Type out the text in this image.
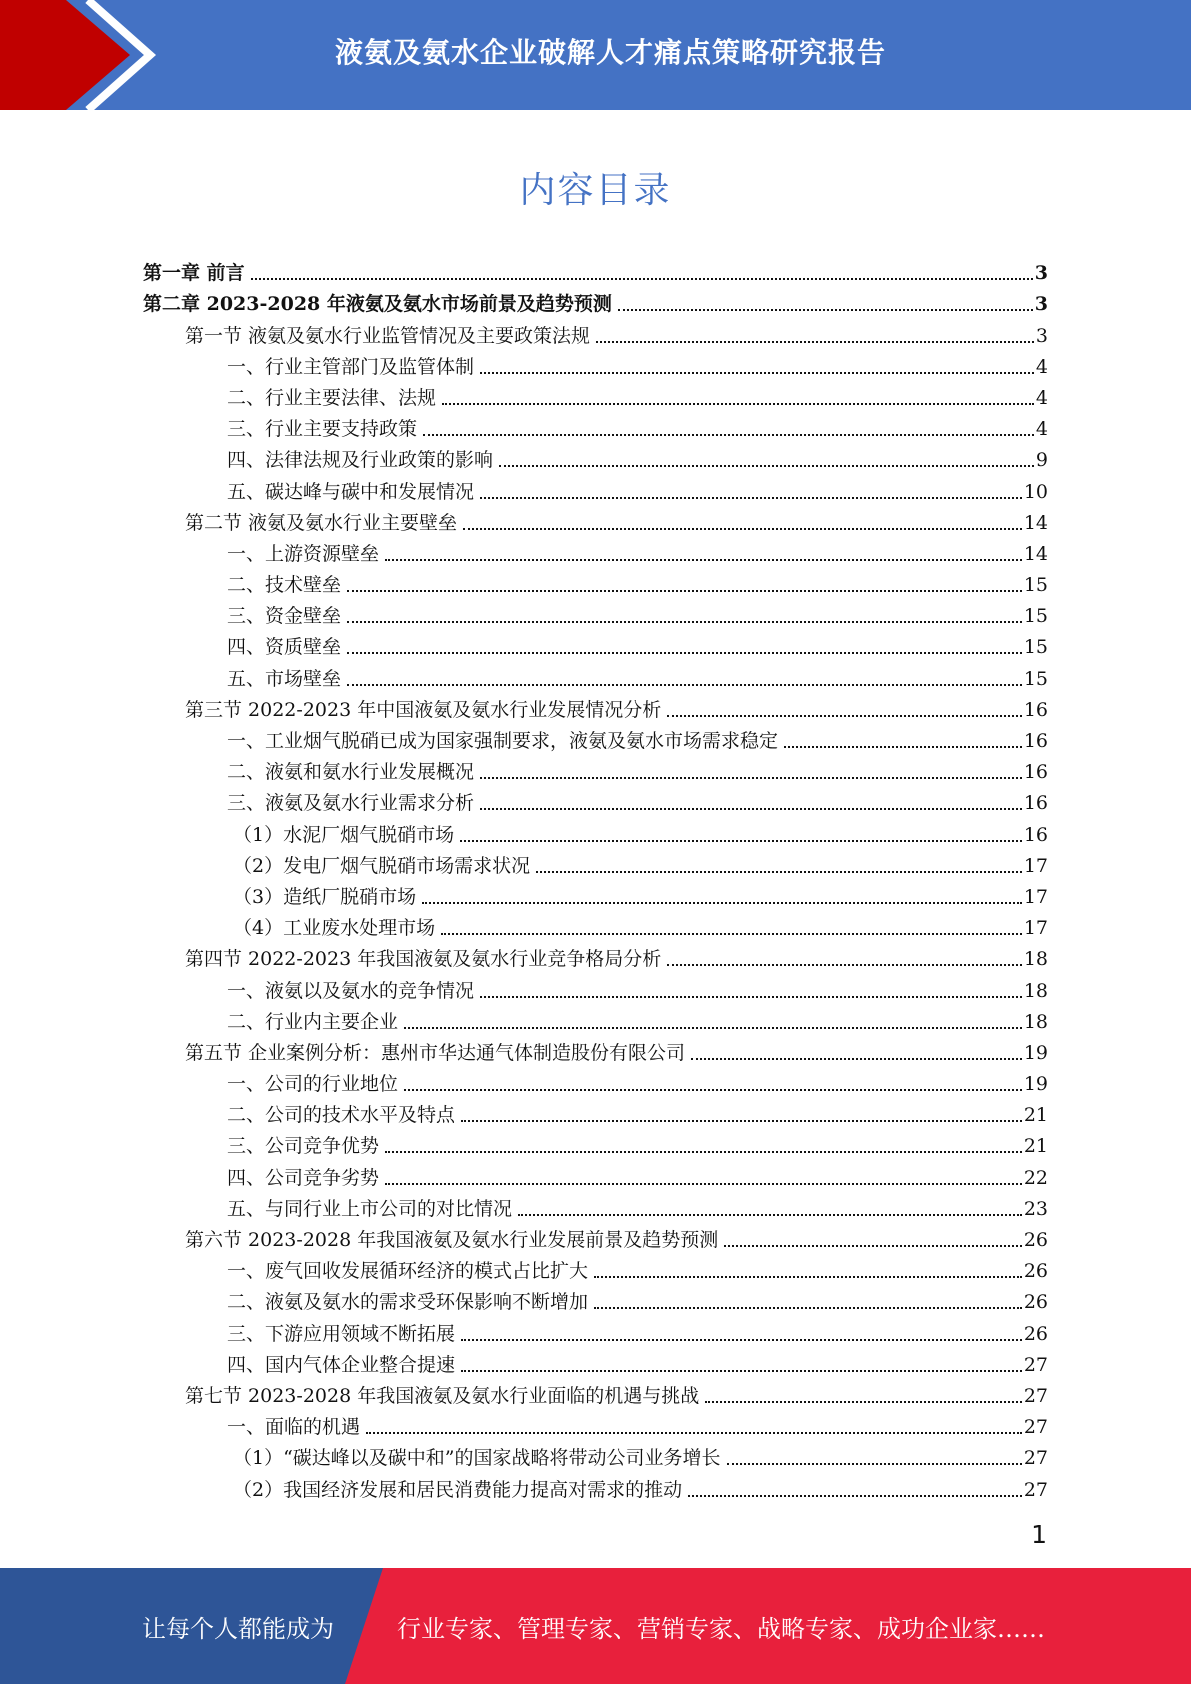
液氨及氨水企业破解人才痛点策略研究报告
内容目录
第一章 前言	3
第二章 2023-2028 年液氨及氨水市场前景及趋势预测	3
第一节 液氨及氨水行业监管情况及主要政策法规	3
一、行业主管部门及监管体制	4
二、行业主要法律、法规	4
三、行业主要支持政策	4
四、法律法规及行业政策的影响	9
五、碳达峰与碳中和发展情况	10
第二节 液氨及氨水行业主要壁垒	14
一、上游资源壁垒	14
二、技术壁垒	15
三、资金壁垒	15
四、资质壁垒	15
五、市场壁垒	15
第三节 2022-2023 年中国液氨及氨水行业发展情况分析	16
一、工业烟气脱硝已成为国家强制要求，液氨及氨水市场需求稳定	16
二、液氨和氨水行业发展概况	16
三、液氨及氨水行业需求分析	16
（1）水泥厂烟气脱硝市场	16
（2）发电厂烟气脱硝市场需求状况	17
（3）造纸厂脱硝市场	17
（4）工业废水处理市场	17
第四节 2022-2023 年我国液氨及氨水行业竞争格局分析	18
一、液氨以及氨水的竞争情况	18
二、行业内主要企业	18
第五节 企业案例分析：惠州市华达通气体制造股份有限公司	19
一、公司的行业地位	19
二、公司的技术水平及特点	21
三、公司竞争优势	21
四、公司竞争劣势	22
五、与同行业上市公司的对比情况	23
第六节 2023-2028 年我国液氨及氨水行业发展前景及趋势预测	26
一、废气回收发展循环经济的模式占比扩大	26
二、液氨及氨水的需求受环保影响不断增加	26
三、下游应用领域不断拓展	26
四、国内气体企业整合提速	27
第七节 2023-2028 年我国液氨及氨水行业面临的机遇与挑战	27
一、面临的机遇	27
（1）“碳达峰以及碳中和”的国家战略将带动公司业务增长	27
（2）我国经济发展和居民消费能力提高对需求的推动	27
1
让每个人都能成为	行业专家、管理专家、营销专家、战略专家、成功企业家……
